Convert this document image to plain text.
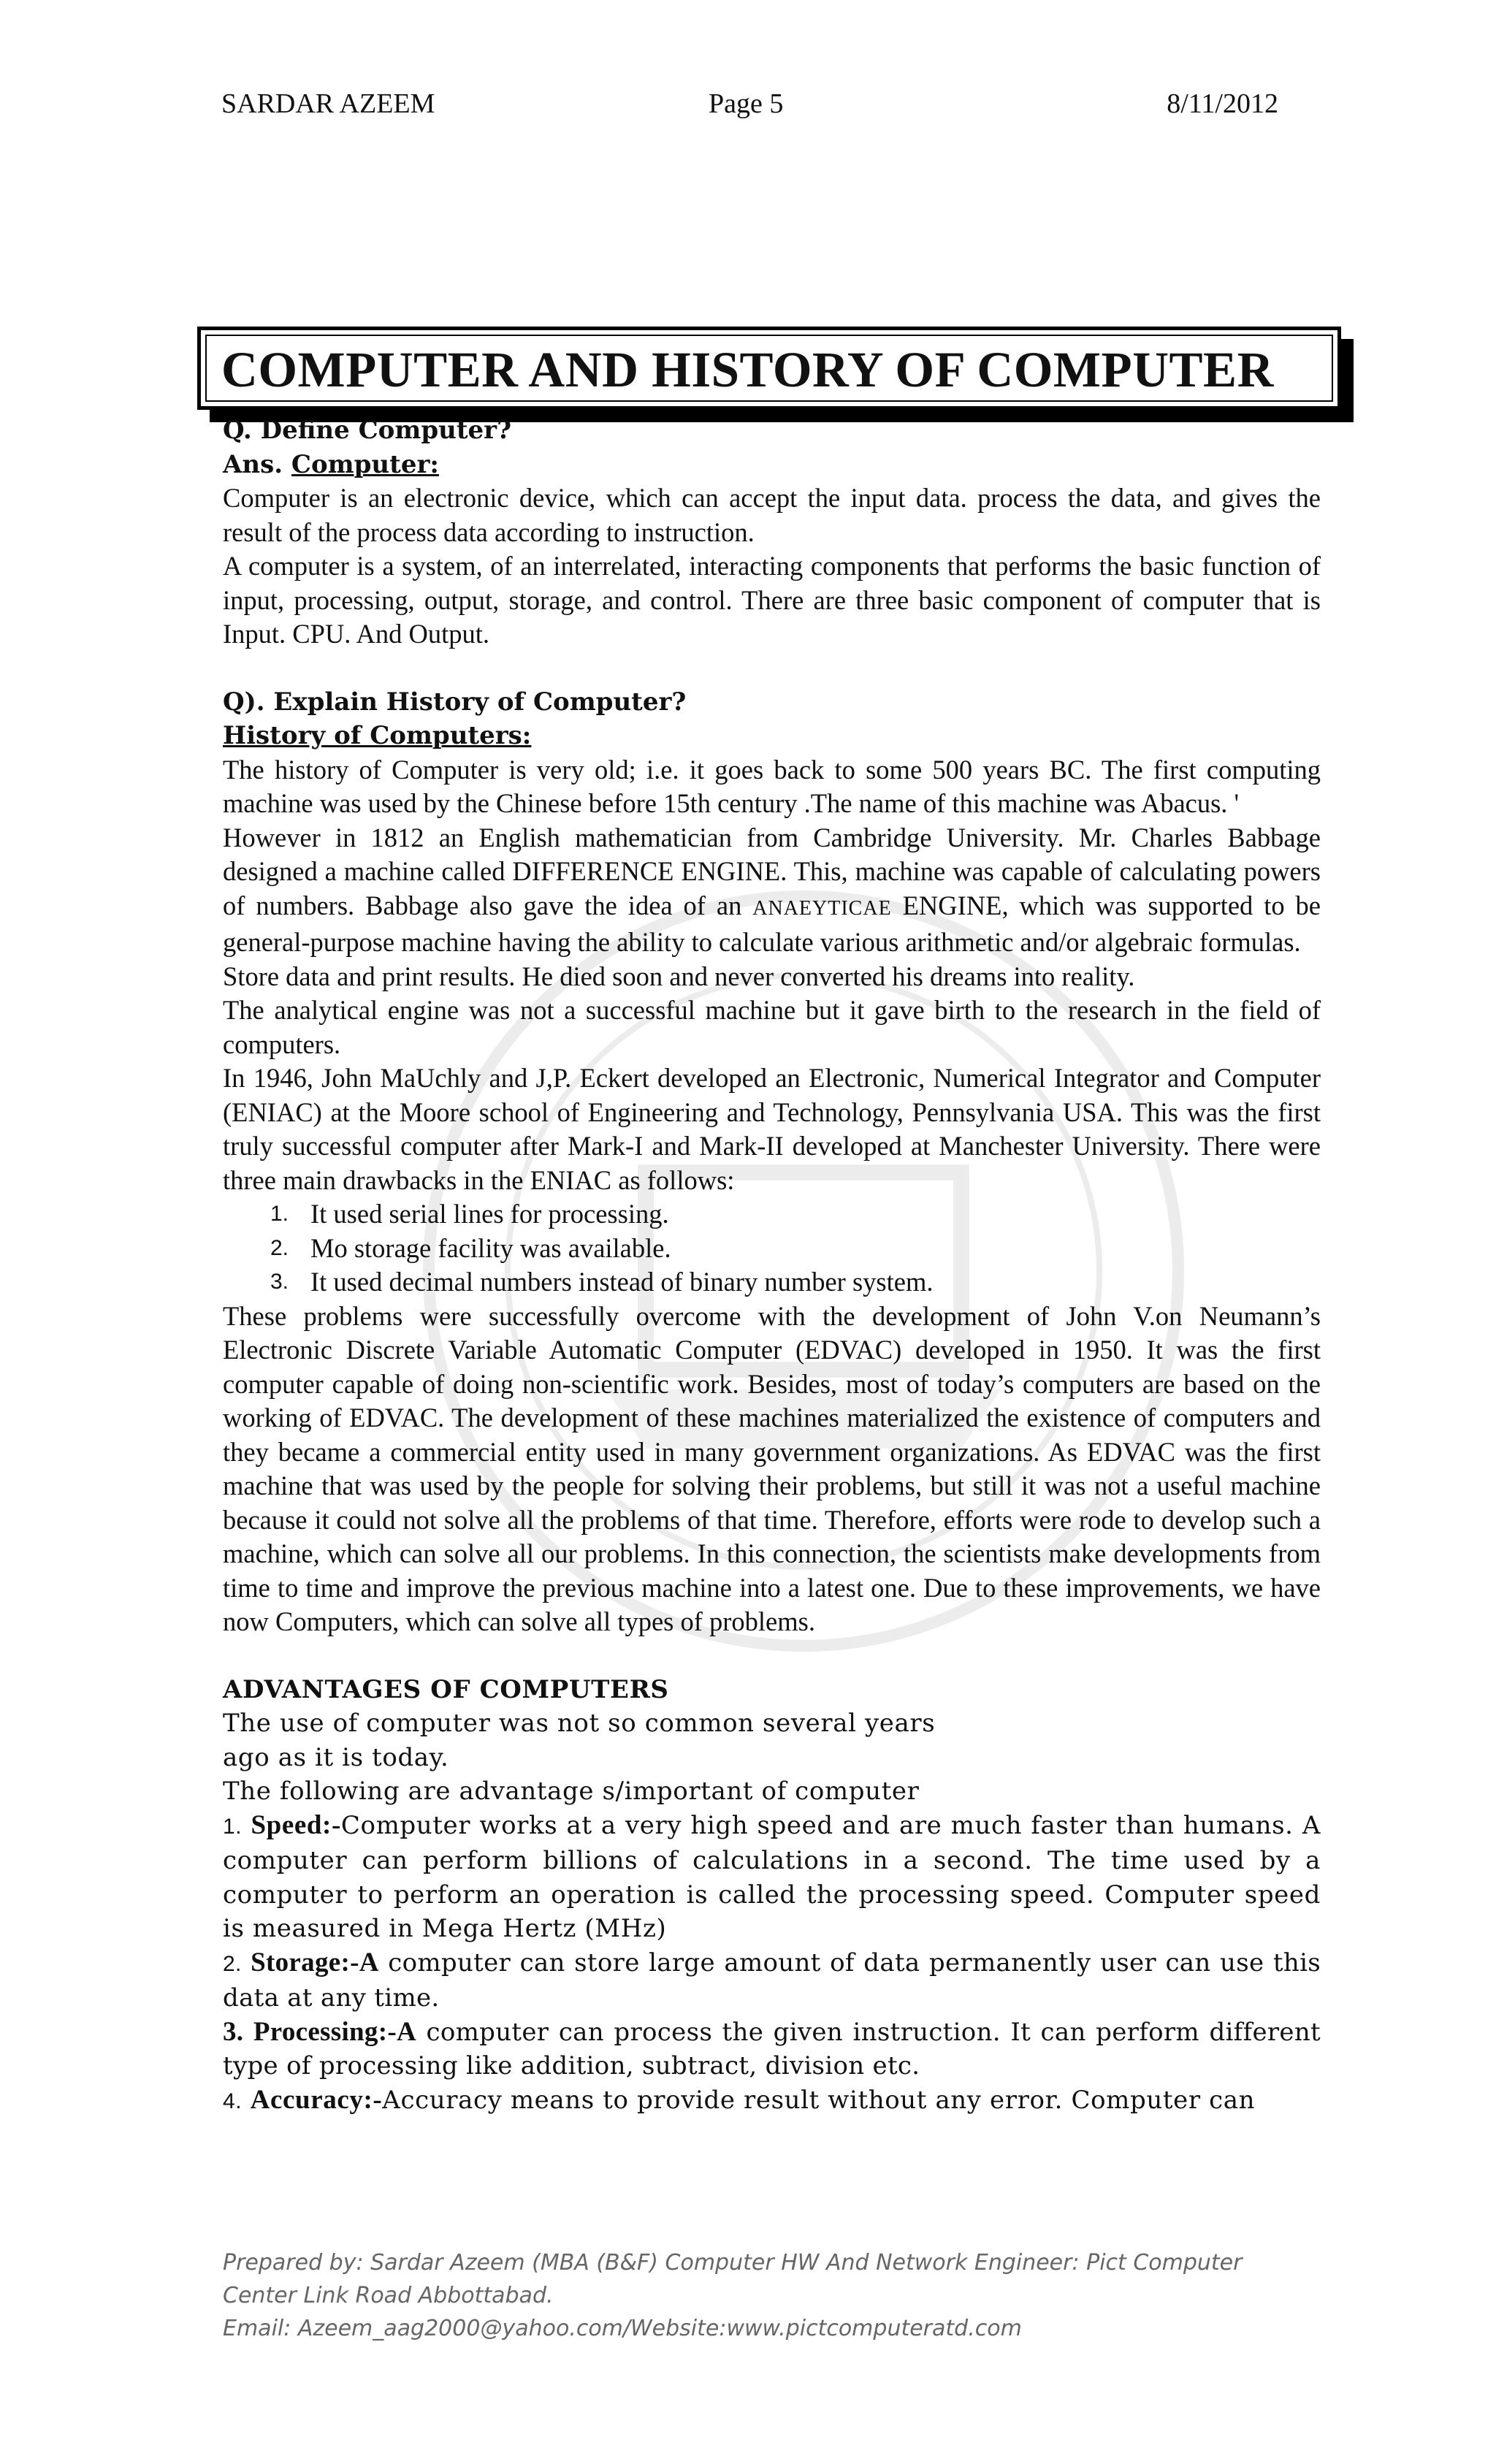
SARDAR AZEEM	Page 5	8/11/2012
COMPUTER AND HISTORY OF COMPUTER

Q. Define Computer?

Ans. Computer:

Computer is an electronic device, which can accept the input data. process the data, and gives the result of the process data according to instruction.

A computer is a system, of an interrelated, interacting components that performs the basic function of input, processing, output, storage, and control. There are three basic component of computer that is Input. CPU. And Output.

Q). Explain History of Computer?

History of Computers:

The history of Computer is very old; i.e. it goes back to some 500 years BC. The first computing machine was used by the Chinese before 15th century .The name of this machine was Abacus. '

However in 1812 an English mathematician from Cambridge University. Mr. Charles Babbage designed a machine called DIFFERENCE ENGINE. This, machine was capable of calculating powers of numbers. Babbage also gave the idea of an ANAEYTICAE ENGINE, which was supported to be general-purpose machine having the ability to calculate various arithmetic and/or algebraic formulas.

Store data and print results. He died soon and never converted his dreams into reality.

The analytical engine was not a successful machine but it gave birth to the research in the field of computers.

In 1946, John MaUchly and J,P. Eckert developed an Electronic, Numerical Integrator and Computer (ENIAC) at the Moore school of Engineering and Technology, Pennsylvania USA. This was the first truly successful computer after Mark-I and Mark-II developed at Manchester University. There were three main drawbacks in the ENIAC as follows:

1. It used serial lines for processing.
2. Mo storage facility was available.
3. It used decimal numbers instead of binary number system.

These problems were successfully overcome with the development of John V.on Neumann’s Electronic Discrete Variable Automatic Computer (EDVAC) developed in 1950. It was the first computer capable of doing non-scientific work. Besides, most of today’s computers are based on the working of EDVAC. The development of these machines materialized the existence of computers and they became a commercial entity used in many government organizations. As EDVAC was the first machine that was used by the people for solving their problems, but still it was not a useful machine because it could not solve all the problems of that time. Therefore, efforts were rode to develop such a machine, which can solve all our problems. In this connection, the scientists make developments from time to time and improve the previous machine into a latest one. Due to these improvements, we have now Computers, which can solve all types of problems.

ADVANTAGES OF COMPUTERS

The use of computer was not so common several years

ago as it is today.

The following are advantage s/important of computer

1. Speed:-Computer works at a very high speed and are much faster than humans. A computer can perform billions of calculations in a second. The time used by a computer to perform an operation is called the processing speed. Computer speed is measured in Mega Hertz (MHz)

2. Storage:-A computer can store large amount of data permanently user can use this data at any time.

3. Processing:-A computer can process the given instruction. It can perform different type of processing like addition, subtract, division etc.

4. Accuracy:-Accuracy means to provide result without any error. Computer can

Prepared by: Sardar Azeem (MBA (B&F) Computer HW And Network Engineer: Pict Computer
Center Link Road Abbottabad.
Email: Azeem_aag2000@yahoo.com/Website:www.pictcomputeratd.com
